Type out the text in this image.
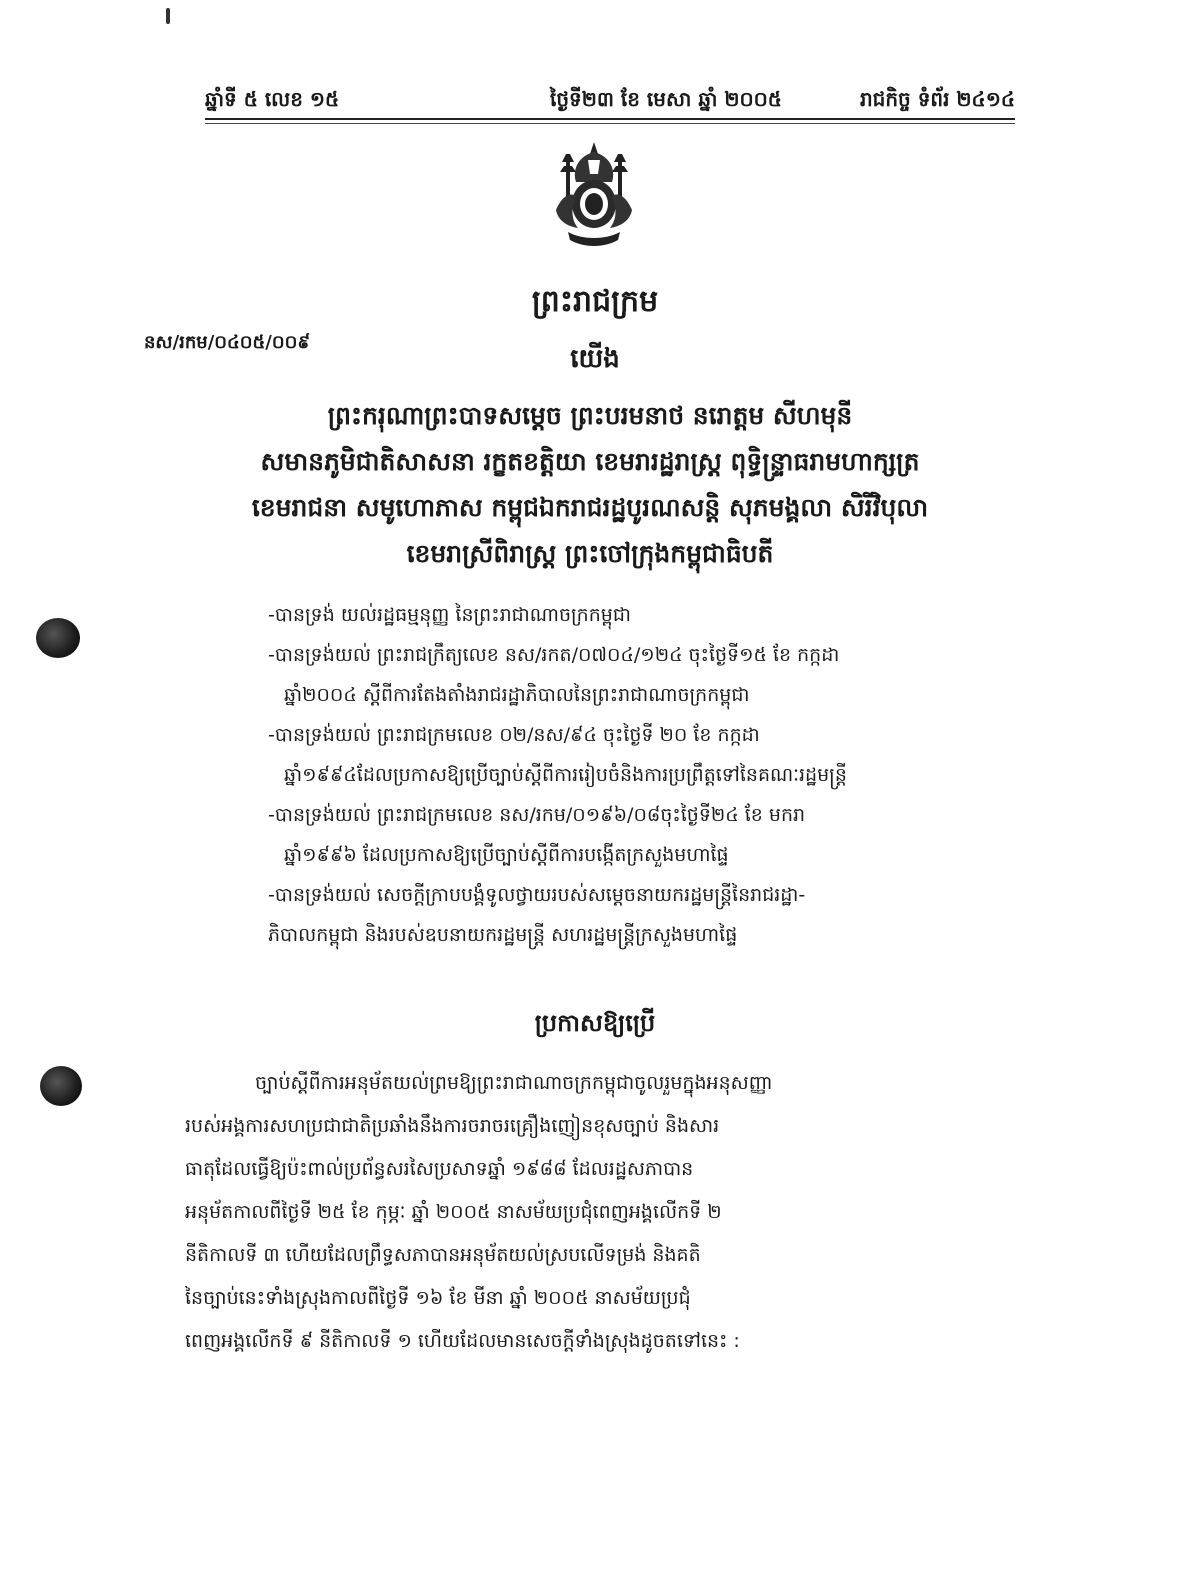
ឆ្នាំទី ៥ លេខ ១៥	ថ្ងៃទី២៣ ខែ មេសា ឆ្នាំ ២០០៥	រាជកិច្ច ទំព័រ ២៤១៤
ព្រះរាជក្រម
នស/រកម/០៤០៥/០០៩
យើង
ព្រះករុណាព្រះបាទសម្តេច ព្រះបរមនាថ នរោត្តម សីហមុនី
សមានភូមិជាតិសាសនា រក្ខតខត្តិយា ខេមរារដ្ឋរាស្ត្រ ពុទ្ធិន្ទ្រាធរាមហាក្សត្រ
ខេមរាជនា សមូហោភាស កម្ពុជឯករាជរដ្ឋបូរណសន្តិ សុភមង្គលា សិរីវិបុលា
ខេមរាស្រីពិរាស្ត្រ ព្រះចៅក្រុងកម្ពុជាធិបតី
-បានទ្រង់ យល់រដ្ឋធម្មនុញ្ញ នៃព្រះរាជាណាចក្រកម្ពុជា
-បានទ្រង់យល់ ព្រះរាជក្រឹត្យលេខ នស/រកត/០៧០៤/១២៤ ចុះថ្ងៃទី១៥ ខែ កក្កដា
ឆ្នាំ២០០៤ ស្តីពីការតែងតាំងរាជរដ្ឋាភិបាលនៃព្រះរាជាណាចក្រកម្ពុជា
-បានទ្រង់យល់ ព្រះរាជក្រមលេខ ០២/នស/៩៤ ចុះថ្ងៃទី ២០ ខែ កក្កដា
ឆ្នាំ១៩៩៤ដែលប្រកាសឱ្យប្រើច្បាប់ស្តីពីការរៀបចំនិងការប្រព្រឹត្តទៅនៃគណៈរដ្ឋមន្ត្រី
-បានទ្រង់យល់ ព្រះរាជក្រមលេខ នស/រកម/០១៩៦/០៨ចុះថ្ងៃទី២៤ ខែ មករា
ឆ្នាំ១៩៩៦ ដែលប្រកាសឱ្យប្រើច្បាប់ស្តីពីការបង្កើតក្រសួងមហាផ្ទៃ
-បានទ្រង់យល់ សេចក្តីក្រាបបង្គំទូលថ្វាយរបស់សម្តេចនាយករដ្ឋមន្ត្រីនៃរាជរដ្ឋា-
ភិបាលកម្ពុជា និងរបស់ឧបនាយករដ្ឋមន្ត្រី សហរដ្ឋមន្ត្រីក្រសួងមហាផ្ទៃ
ប្រកាសឱ្យប្រើ
ច្បាប់ស្តីពីការអនុម័តយល់ព្រមឱ្យព្រះរាជាណាចក្រកម្ពុជាចូលរួមក្នុងអនុសញ្ញា
របស់អង្គការសហប្រជាជាតិប្រឆាំងនឹងការចរាចរគ្រឿងញៀនខុសច្បាប់ និងសារ
ធាតុដែលធ្វើឱ្យប៉ះពាល់ប្រព័ន្ធសរសៃប្រសាទឆ្នាំ ១៩៨៨ ដែលរដ្ឋសភាបាន
អនុម័តកាលពីថ្ងៃទី ២៥ ខែ កុម្ភៈ ឆ្នាំ ២០០៥ នាសម័យប្រជុំពេញអង្គលើកទី ២
នីតិកាលទី ៣ ហើយដែលព្រឹទ្ធសភាបានអនុម័តយល់ស្របលើទម្រង់ និងគតិ
នៃច្បាប់នេះទាំងស្រុងកាលពីថ្ងៃទី ១៦ ខែ មីនា ឆ្នាំ ២០០៥ នាសម័យប្រជុំ
ពេញអង្គលើកទី ៩ នីតិកាលទី ១ ហើយដែលមានសេចក្តីទាំងស្រុងដូចតទៅនេះ :
